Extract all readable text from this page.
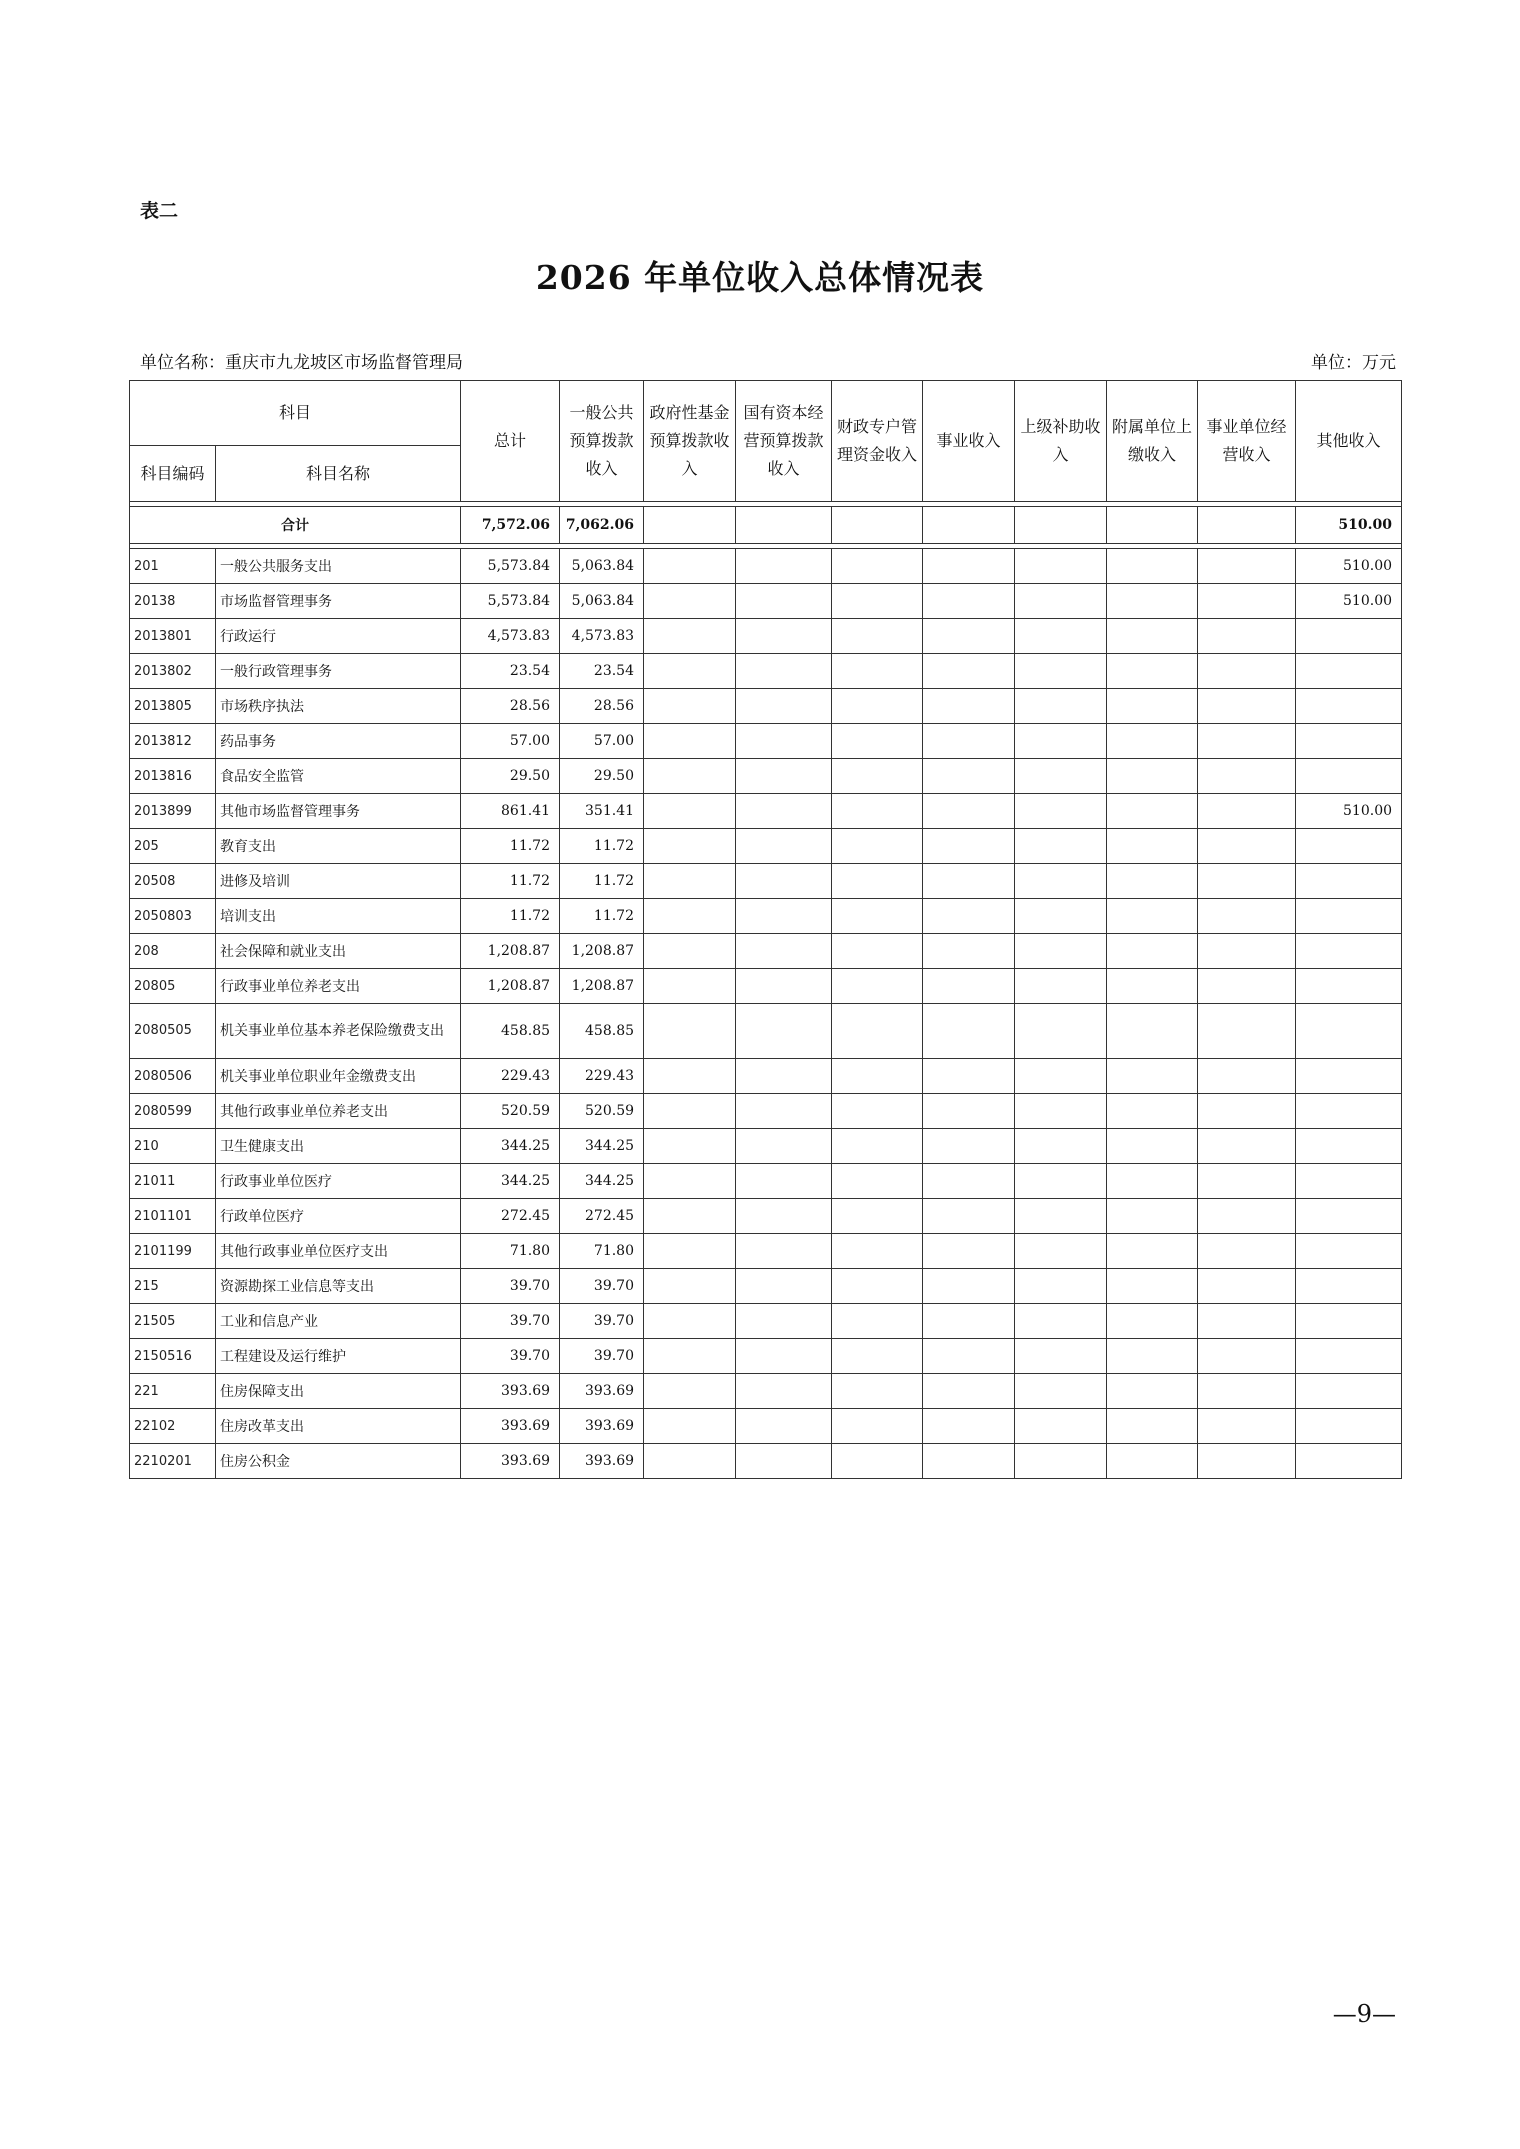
表二
2026 年单位收入总体情况表
单位名称：重庆市九龙坡区市场监督管理局	单位：万元
科目		总计	一般公共预算拨款收入	政府性基金预算拨款收入	国有资本经营预算拨款收入	财政专户管理资金收入	事业收入	上级补助收入	附属单位上缴收入	事业单位经营收入	其他收入
科目编码	科目名称										

合计		7,572.06	7,062.06								510.00

201	一般公共服务支出	5,573.84	5,063.84								510.00
20138	市场监督管理事务	5,573.84	5,063.84								510.00
2013801	行政运行	4,573.83	4,573.83								
2013802	一般行政管理事务	23.54	23.54								
2013805	市场秩序执法	28.56	28.56								
2013812	药品事务	57.00	57.00								
2013816	食品安全监管	29.50	29.50								
2013899	其他市场监督管理事务	861.41	351.41								510.00
205	教育支出	11.72	11.72								
20508	进修及培训	11.72	11.72								
2050803	培训支出	11.72	11.72								
208	社会保障和就业支出	1,208.87	1,208.87								
20805	行政事业单位养老支出	1,208.87	1,208.87								
2080505	机关事业单位基本养老保险缴费支出	458.85	458.85								
2080506	机关事业单位职业年金缴费支出	229.43	229.43								
2080599	其他行政事业单位养老支出	520.59	520.59								
210	卫生健康支出	344.25	344.25								
21011	行政事业单位医疗	344.25	344.25								
2101101	行政单位医疗	272.45	272.45								
2101199	其他行政事业单位医疗支出	71.80	71.80								
215	资源勘探工业信息等支出	39.70	39.70								
21505	工业和信息产业	39.70	39.70								
2150516	工程建设及运行维护	39.70	39.70								
221	住房保障支出	393.69	393.69								
22102	住房改革支出	393.69	393.69								
2210201	住房公积金	393.69	393.69								
—9—
